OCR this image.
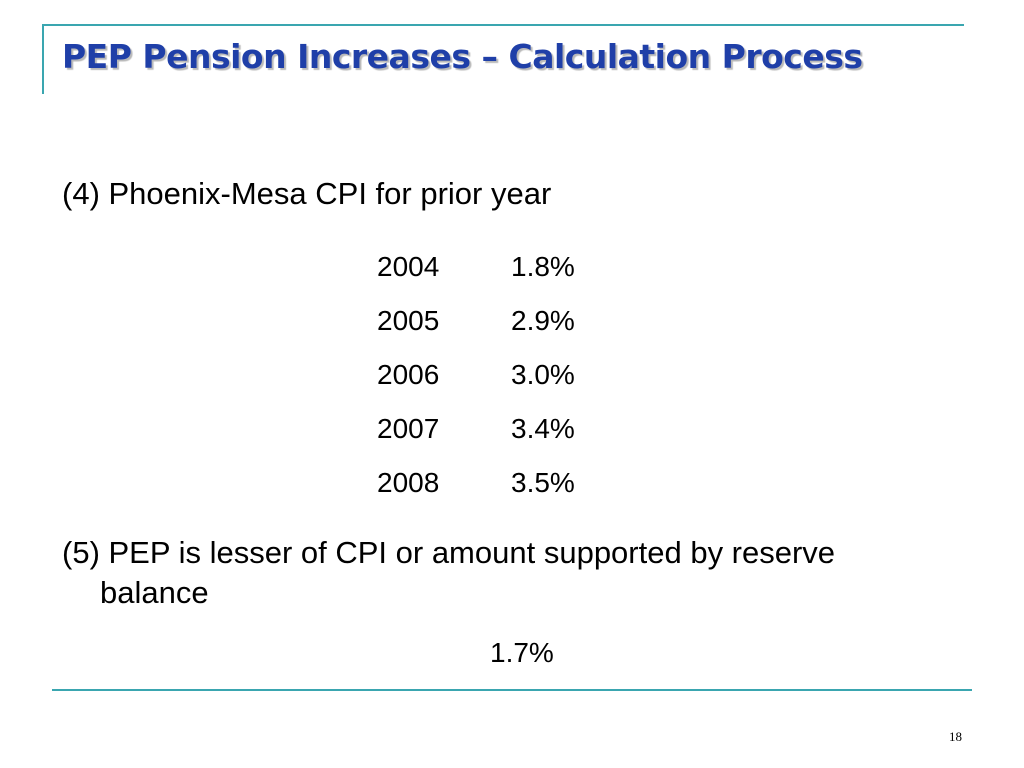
PEP Pension Increases – Calculation Process

(4) Phoenix-Mesa CPI for prior year

2004	1.8%
2005	2.9%
2006	3.0%
2007	3.4%
2008	3.5%

(5) PEP is lesser of CPI or amount supported by reserve balance

1.7%
18
